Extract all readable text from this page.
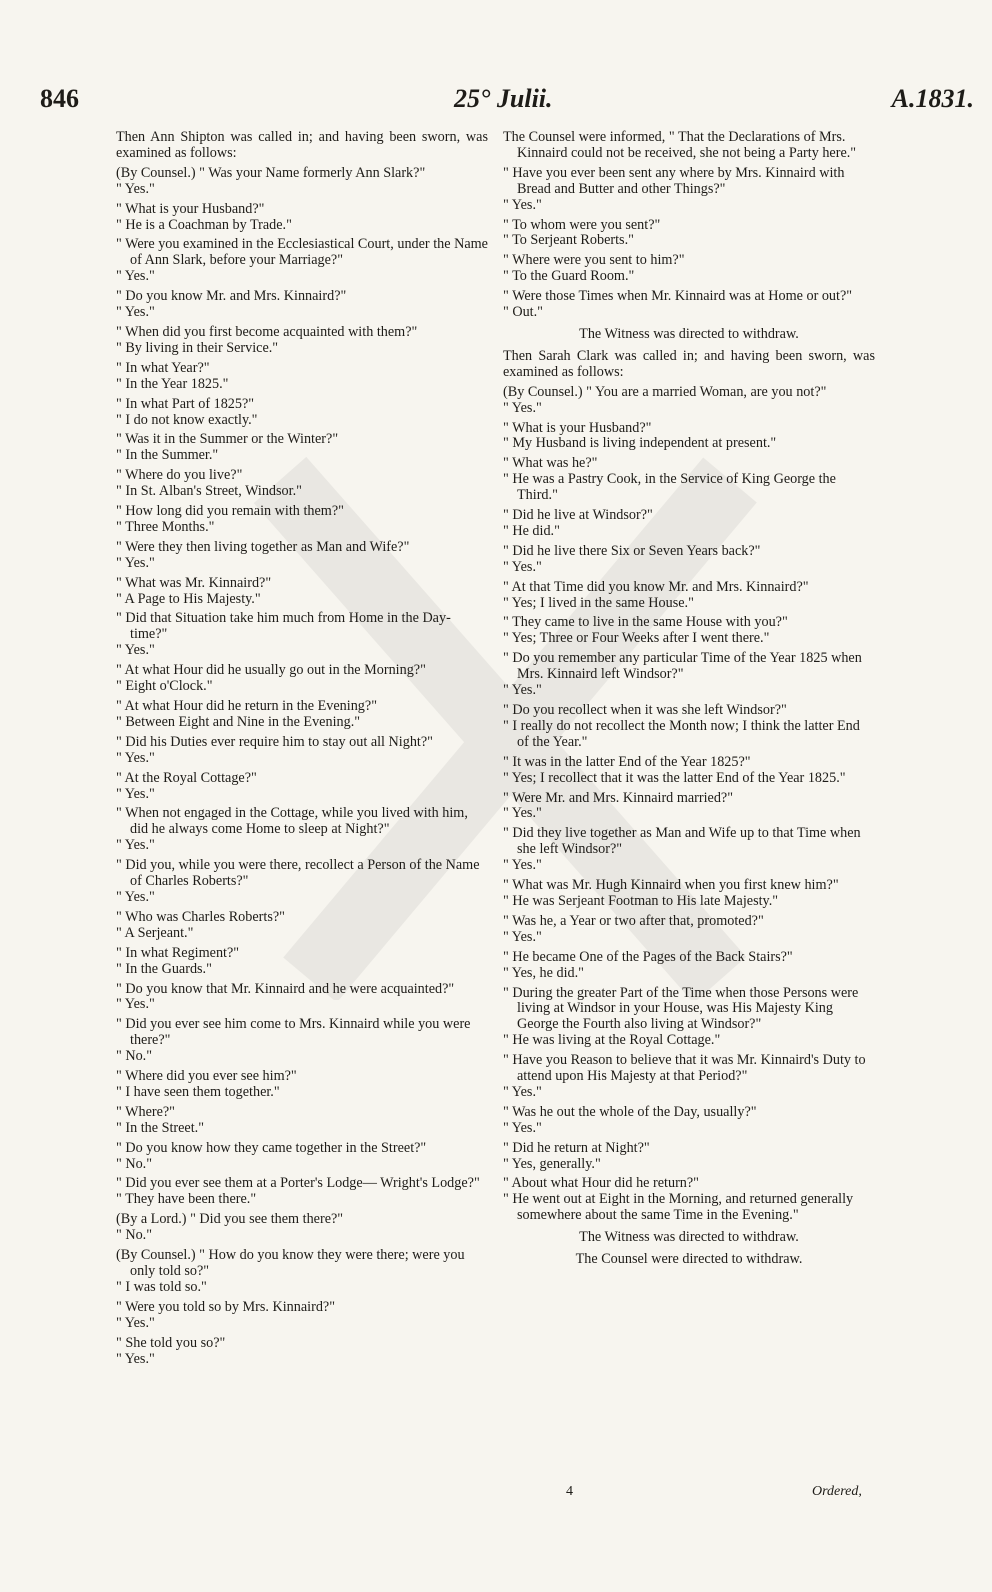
846	25° Julii.	A.1831.

Then Ann Shipton was called in; and having been sworn, was examined as follows:

(By Counsel.) " Was your Name formerly Ann Slark?"

" Yes."

" What is your Husband?"

" He is a Coachman by Trade."

" Were you examined in the Ecclesiastical Court, under the Name of Ann Slark, before your Marriage?"

" Yes."

" Do you know Mr. and Mrs. Kinnaird?"

" Yes."

" When did you first become acquainted with them?"

" By living in their Service."

" In what Year?"

" In the Year 1825."

" In what Part of 1825?"

" I do not know exactly."

" Was it in the Summer or the Winter?"

" In the Summer."

" Where do you live?"

" In St. Alban's Street, Windsor."

" How long did you remain with them?"

" Three Months."

" Were they then living together as Man and Wife?"

" Yes."

" What was Mr. Kinnaird?"

" A Page to His Majesty."

" Did that Situation take him much from Home in the Day-time?"

" Yes."

" At what Hour did he usually go out in the Morning?"

" Eight o'Clock."

" At what Hour did he return in the Evening?"

" Between Eight and Nine in the Evening."

" Did his Duties ever require him to stay out all Night?"

" Yes."

" At the Royal Cottage?"

" Yes."

" When not engaged in the Cottage, while you lived with him, did he always come Home to sleep at Night?"

" Yes."

" Did you, while you were there, recollect a Person of the Name of Charles Roberts?"

" Yes."

" Who was Charles Roberts?"

" A Serjeant."

" In what Regiment?"

" In the Guards."

" Do you know that Mr. Kinnaird and he were acquainted?"

" Yes."

" Did you ever see him come to Mrs. Kinnaird while you were there?"

" No."

" Where did you ever see him?"

" I have seen them together."

" Where?"

" In the Street."

" Do you know how they came together in the Street?"

" No."

" Did you ever see them at a Porter's Lodge— Wright's Lodge?"

" They have been there."

(By a Lord.) " Did you see them there?"

" No."

(By Counsel.) " How do you know they were there; were you only told so?"

" I was told so."

" Were you told so by Mrs. Kinnaird?"

" Yes."

" She told you so?"

" Yes."

The Counsel were informed, " That the Declarations of Mrs. Kinnaird could not be received, she not being a Party here."

" Have you ever been sent any where by Mrs. Kinnaird with Bread and Butter and other Things?"

" Yes."

" To whom were you sent?"

" To Serjeant Roberts."

" Where were you sent to him?"

" To the Guard Room."

" Were those Times when Mr. Kinnaird was at Home or out?"

" Out."

The Witness was directed to withdraw.

Then Sarah Clark was called in; and having been sworn, was examined as follows:

(By Counsel.) " You are a married Woman, are you not?"

" Yes."

" What is your Husband?"

" My Husband is living independent at present."

" What was he?"

" He was a Pastry Cook, in the Service of King George the Third."

" Did he live at Windsor?"

" He did."

" Did he live there Six or Seven Years back?"

" Yes."

" At that Time did you know Mr. and Mrs. Kinnaird?"

" Yes; I lived in the same House."

" They came to live in the same House with you?"

" Yes; Three or Four Weeks after I went there."

" Do you remember any particular Time of the Year 1825 when Mrs. Kinnaird left Windsor?"

" Yes."

" Do you recollect when it was she left Windsor?"

" I really do not recollect the Month now; I think the latter End of the Year."

" It was in the latter End of the Year 1825?"

" Yes; I recollect that it was the latter End of the Year 1825."

" Were Mr. and Mrs. Kinnaird married?"

" Yes."

" Did they live together as Man and Wife up to that Time when she left Windsor?"

" Yes."

" What was Mr. Hugh Kinnaird when you first knew him?"

" He was Serjeant Footman to His late Majesty."

" Was he, a Year or two after that, promoted?"

" Yes."

" He became One of the Pages of the Back Stairs?"

" Yes, he did."

" During the greater Part of the Time when those Persons were living at Windsor in your House, was His Majesty King George the Fourth also living at Windsor?"

" He was living at the Royal Cottage."

" Have you Reason to believe that it was Mr. Kinnaird's Duty to attend upon His Majesty at that Period?"

" Yes."

" Was he out the whole of the Day, usually?"

" Yes."

" Did he return at Night?"

" Yes, generally."

" About what Hour did he return?"

" He went out at Eight in the Morning, and returned generally somewhere about the same Time in the Evening."

The Witness was directed to withdraw.

The Counsel were directed to withdraw.

4	Ordered,
